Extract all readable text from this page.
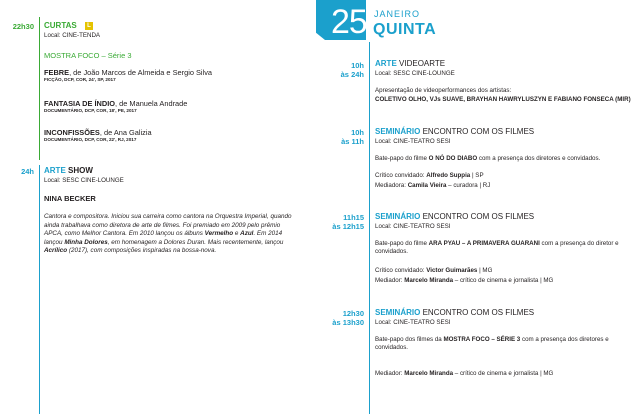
22h30 CURTAS L
Local: CINE-TENDA
MOSTRA FOCO – Série 3
FEBRE, de João Marcos de Almeida e Sergio Silva
FICÇÃO, DCP, COR, 24', SP, 2017
FANTASIA DE ÍNDIO, de Manuela Andrade
DOCUMENTÁRIO, DCP, COR, 18', PE, 2017
INCONFISSÕES, de Ana Galizia
DOCUMENTÁRIO, DCP, COR, 22', RJ, 2017
24h ARTE SHOW
Local: SESC CINE-LOUNGE
NINA BECKER
Cantora e compositora. Iniciou sua carreira como cantora na Orquestra Imperial, quando ainda trabalhava como diretora de arte de filmes. Foi premiado em 2009 pelo prêmio APCA, como Melhor Cantora. Em 2010 lançou os álbuns Vermelho e Azul. Em 2014 lançou Minha Dolores, em homenagem a Dolores Duran. Mais recentemente, lançou Acrílico (2017), com composições inspiradas na bossa-nova.
25 JANEIRO
QUINTA
10h
às 24h
ARTE VIDEOARTE
Local: SESC CINE-LOUNGE
Apresentação de videoperformances dos artistas:
COLETIVO OLHO, VJs SUAVE, BRAYHAN HAWRYLUSZYN E FABIANO FONSECA (MIR)
10h
às 11h
SEMINÁRIO ENCONTRO COM OS FILMES
Local: CINE-TEATRO SESI
Bate-papo do filme O NÓ DO DIABO com a presença dos diretores e convidados.
Crítico convidado: Alfredo Suppia | SP
Mediadora: Camila Vieira – curadora | RJ
11h15
às 12h15
SEMINÁRIO ENCONTRO COM OS FILMES
Local: CINE-TEATRO SESI
Bate-papo do filme ARA PYAU – A PRIMAVERA GUARANI com a presença do diretor e convidados.
Crítico convidado: Victor Guimarães | MG
Mediador: Marcelo Miranda – crítico de cinema e jornalista | MG
12h30
às 13h30
SEMINÁRIO ENCONTRO COM OS FILMES
Local: CINE-TEATRO SESI
Bate-papo dos filmes da MOSTRA FOCO – SÉRIE 3 com a presença dos diretores e convidados.
Mediador: Marcelo Miranda – crítico de cinema e jornalista | MG
